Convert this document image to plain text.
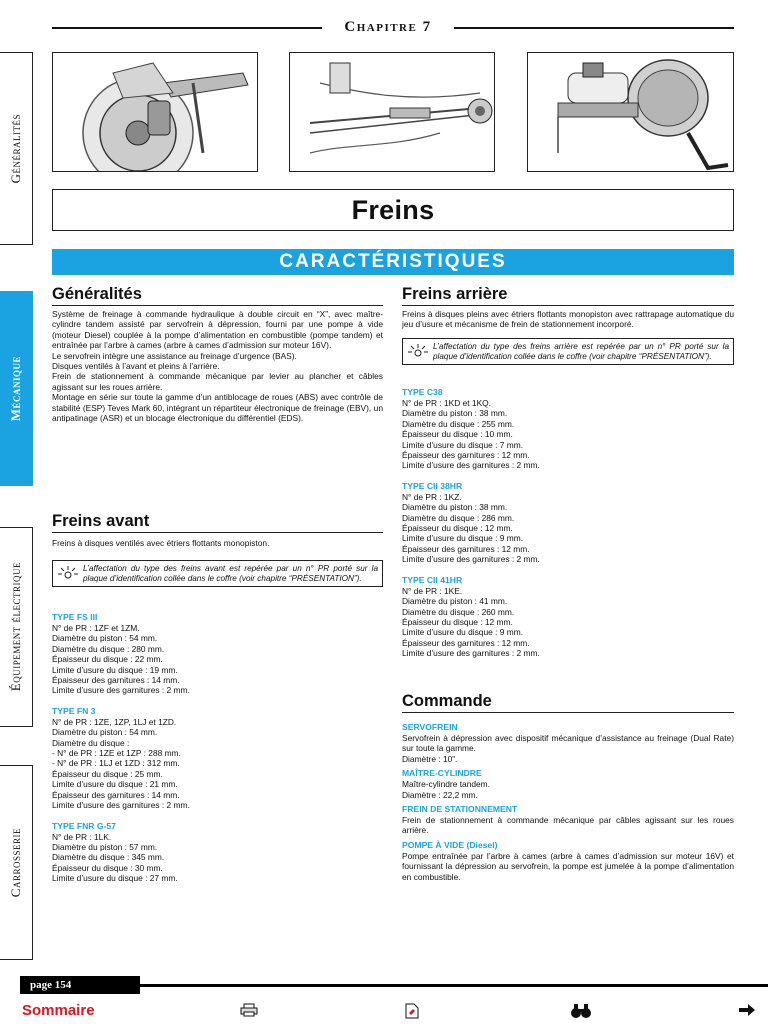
Chapitre 7
Généralités
Mécanique
Équipement électrique
Carrosserie
Freins
CARACTÉRISTIQUES
Généralités

Système de freinage à commande hydraulique à double circuit en “X”, avec maître-cylindre tandem assisté par servofrein à dépression, fourni par une pompe à vide (moteur Diesel) couplée à la pompe d’alimentation en combustible (pompe tandem) et entraînée par l’arbre à cames (arbre à cames d’admission sur moteur 16V).

Le servofrein intègre une assistance au freinage d’urgence (BAS).

Disques ventilés à l’avant et pleins à l’arrière.

Frein de stationnement à commande mécanique par levier au plancher et câbles agissant sur les roues arrière.

Montage en série sur toute la gamme d’un antiblocage de roues (ABS) avec contrôle de stabilité (ESP) Teves Mark 60, intégrant un répartiteur électronique de freinage (EBV), un antipatinage (ASR) et un blocage électronique du différentiel (EDS).

Freins avant
Freins à disques ventilés avec étriers flottants monopiston.
L’affectation du type des freins avant est repérée par un n° PR porté sur la plaque d’identification collée dans le coffre (voir chapitre “PRÉSENTATION”).
TYPE FS III

N° de PR : 1ZF et 1ZM.

Diamètre du piston : 54 mm.

Diamètre du disque : 280 mm.

Épaisseur du disque : 22 mm.

Limite d’usure du disque : 19 mm.

Épaisseur des garnitures : 14 mm.

Limite d’usure des garnitures : 2 mm.

TYPE FN 3

N° de PR : 1ZE, 1ZP, 1LJ et 1ZD.

Diamètre du piston : 54 mm.

Diamètre du disque :

- N° de PR : 1ZE et 1ZP : 288 mm.

- N° de PR : 1LJ et 1ZD : 312 mm.

Épaisseur du disque : 25 mm.

Limite d’usure du disque : 21 mm.

Épaisseur des garnitures : 14 mm.

Limite d’usure des garnitures : 2 mm.

TYPE FNR G-57

N° de PR : 1LK.

Diamètre du piston : 57 mm.

Diamètre du disque : 345 mm.

Épaisseur du disque : 30 mm.

Limite d’usure du disque : 27 mm.

Freins arrière
Freins à disques pleins avec étriers flottants monopiston avec rattrapage automatique du jeu d’usure et mécanisme de frein de stationnement incorporé.
L’affectation du type des freins arrière est repérée par un n° PR porté sur la plaque d’identification collée dans le coffre (voir chapitre “PRÉSENTATION”).
TYPE C38

N° de PR : 1KD et 1KQ.

Diamètre du piston : 38 mm.

Diamètre du disque : 255 mm.

Épaisseur du disque : 10 mm.

Limite d’usure du disque : 7 mm.

Épaisseur des garnitures : 12 mm.

Limite d’usure des garnitures : 2 mm.

TYPE CII 38HR

N° de PR : 1KZ.

Diamètre du piston : 38 mm.

Diamètre du disque : 286 mm.

Épaisseur du disque : 12 mm.

Limite d’usure du disque : 9 mm.

Épaisseur des garnitures : 12 mm.

Limite d’usure des garnitures : 2 mm.

TYPE CII 41HR

N° de PR : 1KE.

Diamètre du piston : 41 mm.

Diamètre du disque : 260 mm.

Épaisseur du disque : 12 mm.

Limite d’usure du disque : 9 mm.

Épaisseur des garnitures : 12 mm.

Limite d’usure des garnitures : 2 mm.

Commande
SERVOFREIN

Servofrein à dépression avec dispositif mécanique d’assistance au freinage (Dual Rate) sur toute la gamme.

Diamètre : 10”.

MAÎTRE-CYLINDRE

Maître-cylindre tandem.

Diamètre : 22,2 mm.

FREIN DE STATIONNEMENT

Frein de stationnement à commande mécanique par câbles agissant sur les roues arrière.

POMPE À VIDE (Diesel)

Pompe entraînée par l’arbre à cames (arbre à cames d’admission sur moteur 16V) et fournissant la dépression au servofrein, la pompe est jumelée à la pompe d’alimentation en combustible.

page 154
Sommaire
